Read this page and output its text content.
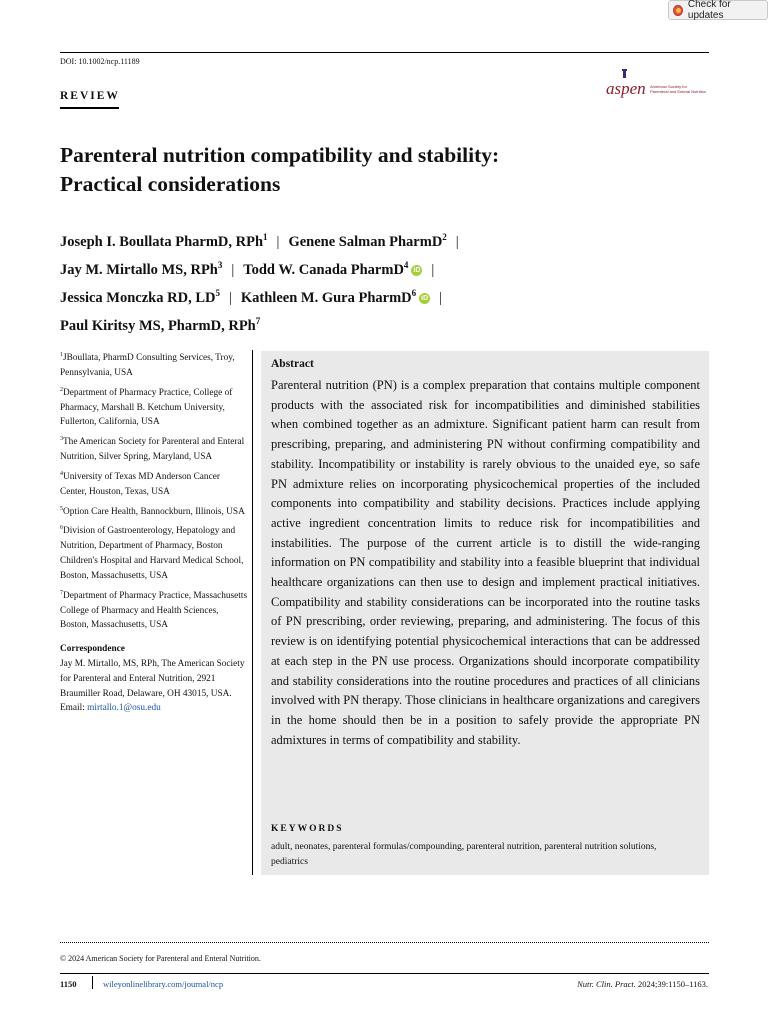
Check for updates
DOI: 10.1002/ncp.11189
REVIEW	aspen American Society for
Parenteral and Enteral Nutrition
Parenteral nutrition compatibility and stability:
Practical considerations
Joseph I. Boullata PharmD, RPh$^1$ | Genene Salman PharmD$^2$ |
Jay M. Mirtallo MS, RPh$^3$ | Todd W. Canada PharmD$^4$iD |
Jessica Monczka RD, $LD^5$ | Kathleen M. Gura PharmD$^6$iD |
Paul Kiritsy MS, PharmD, RPh$^7$
$^1$JBoullata, PharmD Consulting Services, Troy, Pennsylvania, USA
$^2$Department of Pharmacy Practice, College of Pharmacy, Marshall B. Ketchum University, Fullerton, California, USA
$^3$The American Society for Parenteral and Enteral Nutrition, Silver Spring, Maryland, USA
$^4$University of Texas MD Anderson Cancer Center, Houston, Texas, USA
$^5$Option Care Health, Bannockburn, Illinois, USA
$^6$Division of Gastroenterology, Hepatology and Nutrition, Department of Pharmacy, Boston Children's Hospital and Harvard Medical School, Boston, Massachusetts, USA
$^7$Department of Pharmacy Practice, Massachusetts College of Pharmacy and Health Sciences, Boston, Massachusetts, USA
Correspondence
Jay M. Mirtallo, MS, RPh, The American Society for Parenteral and Enteral Nutrition, 2921 Braumiller Road, Delaware, OH 43015, USA.
Email: mirtallo.1@osu.edu
Abstract
Parenteral nutrition (PN) is a complex preparation that contains multiple component products with the associated risk for incompatibilities and diminished stabilities when combined together as an admixture. Significant patient harm can result from prescribing, preparing, and administering PN without confirming compatibility and stability. Incompatibility or instability is rarely obvious to the unaided eye, so safe PN admixture relies on incorporating physicochemical properties of the included components into compatibility and stability decisions. Practices include applying active ingredient concentration limits to reduce risk for incompatibilities and instabilities. The purpose of the current article is to distill the wide-ranging information on PN compatibility and stability into a feasible blueprint that individual healthcare organizations can then use to design and implement practical initiatives. Compatibility and stability considerations can be incorporated into the routine tasks of PN prescribing, order reviewing, preparing, and administering. The focus of this review is on identifying potential physicochemical interactions that can be addressed at each step in the PN use process. Organizations should incorporate compatibility and stability considerations into the routine procedures and practices of all clinicians involved with PN therapy. Those clinicians in healthcare organizations and caregivers in the home should then be in a position to safely provide the appropriate PN admixtures in terms of compatibility and stability.
KEYWORDS
adult, neonates, parenteral formulas/compounding, parenteral nutrition, parenteral nutrition solutions, pediatrics
© 2024 American Society for Parenteral and Enteral Nutrition.
1150	wileyonlinelibrary.com/journal/ncp	Nutr. Clin. Pract. 2024;39:1150–1163.
